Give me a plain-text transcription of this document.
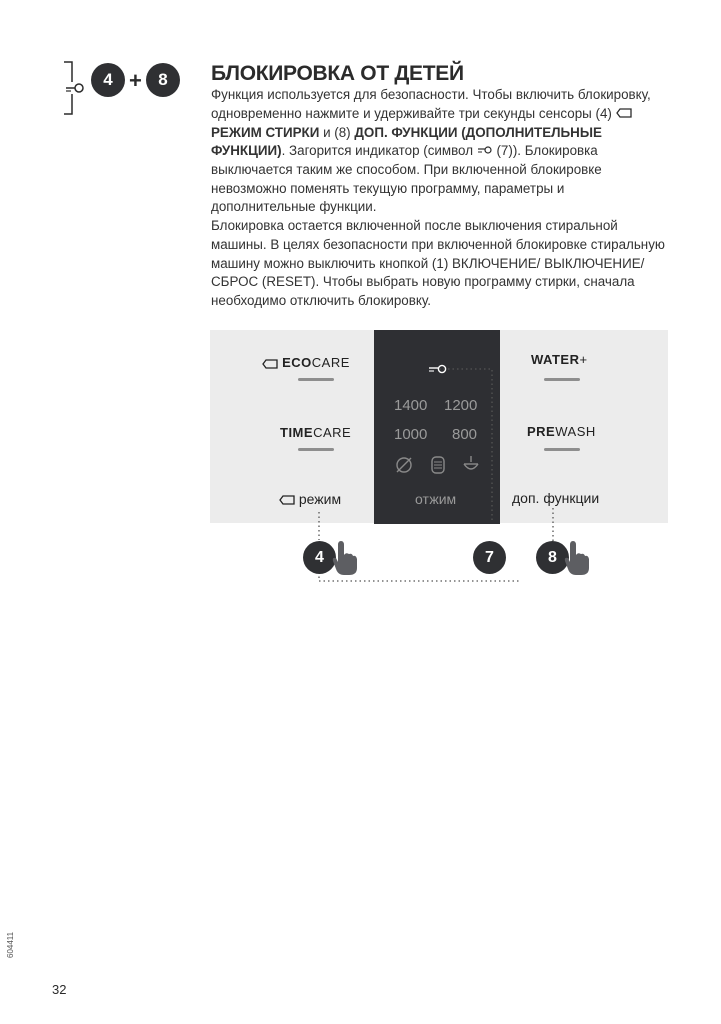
4 + 8	БЛОКИРОВКА ОТ ДЕТЕЙ
Функция используется для безопасности. Чтобы включить блокировку, одновременно нажмите и удерживайте три секунды сенсоры (4)  РЕЖИМ СТИРКИ и (8) ДОП. ФУНКЦИИ (ДОПОЛНИТЕЛЬНЫЕ ФУНКЦИИ). Загорится индикатор (символ  (7)). Блокировка выключается таким же способом. При включенной блокировке невозможно поменять текущую программу, параметры и дополнительные функции.
Блокировка остается включенной после выключения стиральной машины. В целях безопасности при включенной блокировке стиральную машину можно выключить кнопкой (1) ВКЛЮЧЕНИЕ/ ВЫКЛЮЧЕНИЕ/СБРОС (RESET). Чтобы выбрать новую программу стирки, сначала необходимо отключить блокировку.
ECOCARE
TIMECARE
режим
1400 1200
1000 800
отжим
WATER+
PREWASH
доп. функции
4	7	8
604411
32
